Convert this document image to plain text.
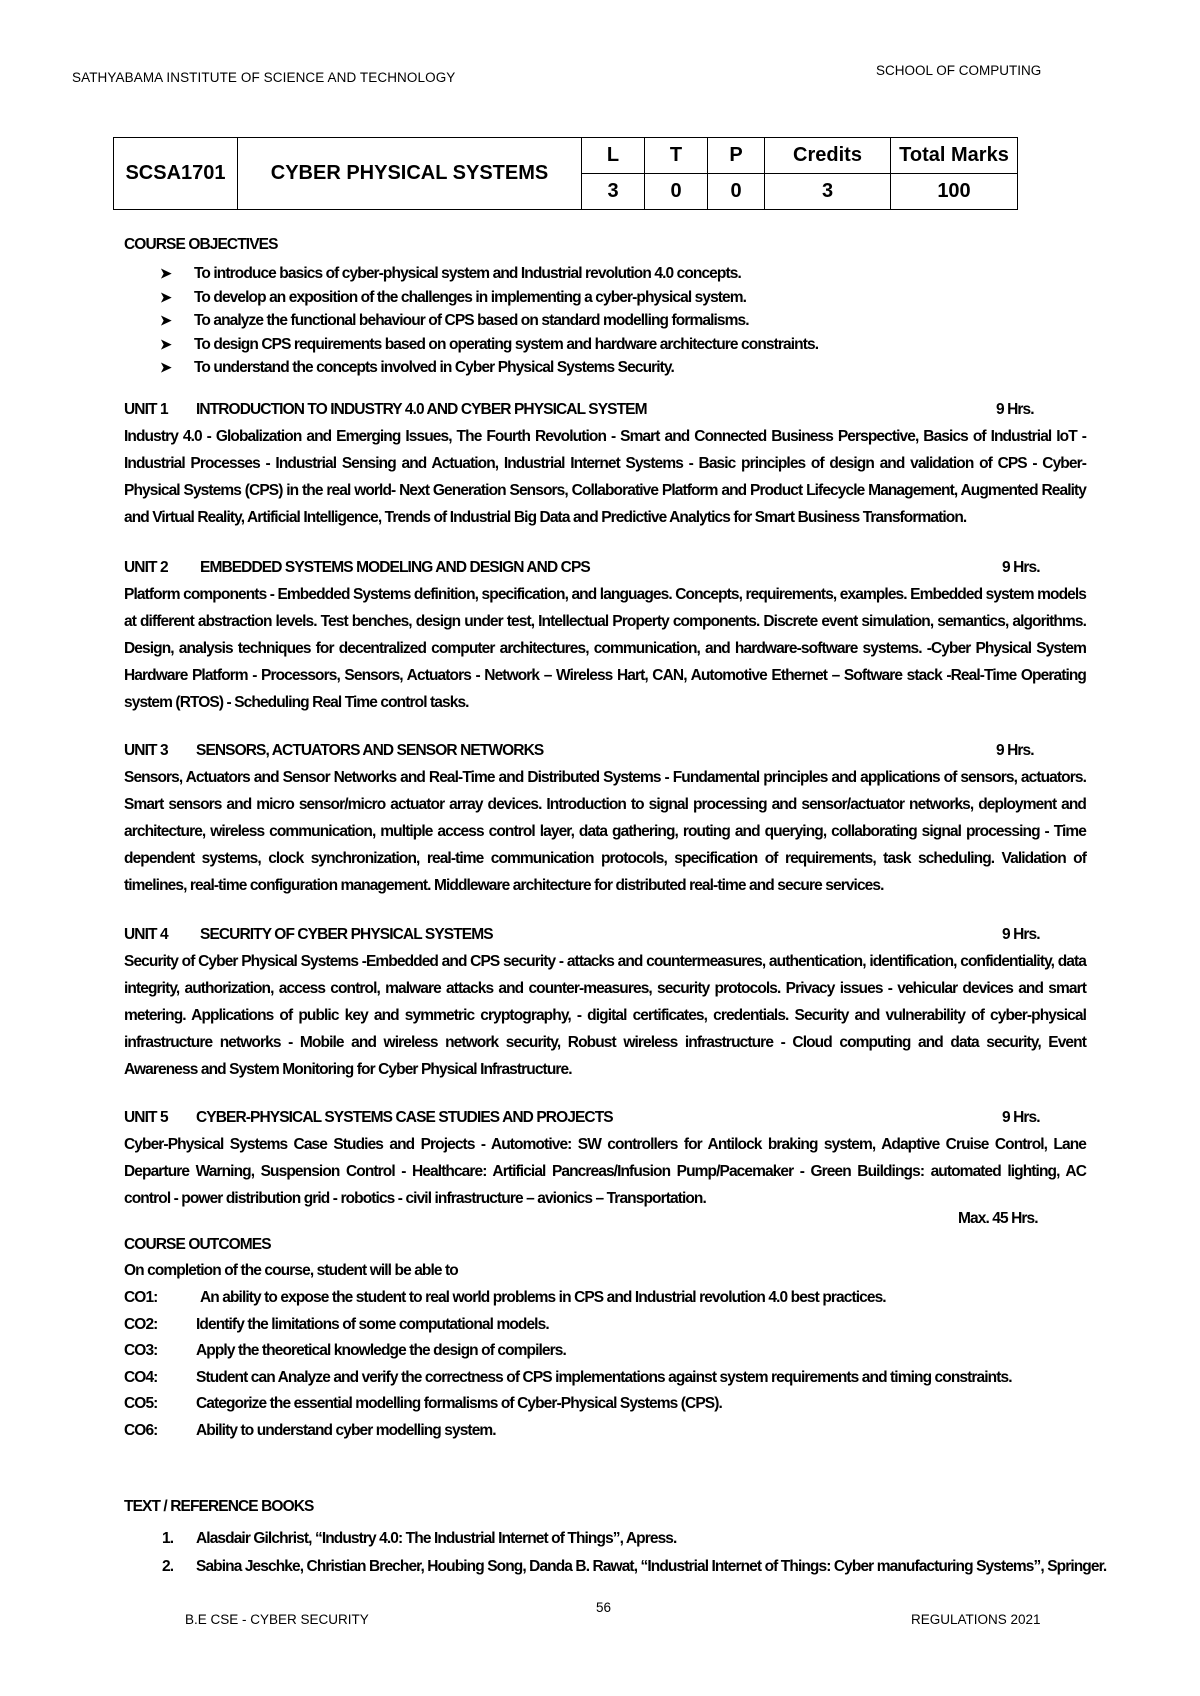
SATHYABAMA INSTITUTE OF SCIENCE AND TECHNOLOGY	SCHOOL OF COMPUTING
SCSA1701	CYBER PHYSICAL SYSTEMS	L	T	P	Credits	Total Marks
		3	0	0	3	100
COURSE OBJECTIVES
➤ To introduce basics of cyber-physical system and Industrial revolution 4.0 concepts.
➤ To develop an exposition of the challenges in implementing a cyber-physical system.
➤ To analyze the functional behaviour of CPS based on standard modelling formalisms.
➤ To design CPS requirements based on operating system and hardware architecture constraints.
➤ To understand the concepts involved in Cyber Physical Systems Security.
UNIT 1 INTRODUCTION TO INDUSTRY 4.0 AND CYBER PHYSICAL SYSTEM	9 Hrs.
Industry 4.0 - Globalization and Emerging Issues, The Fourth Revolution - Smart and Connected Business Perspective, Basics of Industrial IoT - Industrial Processes - Industrial Sensing and Actuation, Industrial Internet Systems - Basic principles of design and validation of CPS - Cyber-Physical Systems (CPS) in the real world- Next Generation Sensors, Collaborative Platform and Product Lifecycle Management, Augmented Reality and Virtual Reality, Artificial Intelligence, Trends of Industrial Big Data and Predictive Analytics for Smart Business Transformation.
UNIT 2 EMBEDDED SYSTEMS MODELING AND DESIGN AND CPS	9 Hrs.
Platform components - Embedded Systems definition, specification, and languages. Concepts, requirements, examples. Embedded system models at different abstraction levels. Test benches, design under test, Intellectual Property components. Discrete event simulation, semantics, algorithms. Design, analysis techniques for decentralized computer architectures, communication, and hardware-software systems. -Cyber Physical System Hardware Platform - Processors, Sensors, Actuators - Network – Wireless Hart, CAN, Automotive Ethernet – Software stack -Real-Time Operating system (RTOS) - Scheduling Real Time control tasks.
UNIT 3 SENSORS, ACTUATORS AND SENSOR NETWORKS	9 Hrs.
Sensors, Actuators and Sensor Networks and Real-Time and Distributed Systems - Fundamental principles and applications of sensors, actuators. Smart sensors and micro sensor/micro actuator array devices. Introduction to signal processing and sensor/actuator networks, deployment and architecture, wireless communication, multiple access control layer, data gathering, routing and querying, collaborating signal processing - Time dependent systems, clock synchronization, real-time communication protocols, specification of requirements, task scheduling. Validation of timelines, real-time configuration management. Middleware architecture for distributed real-time and secure services.
UNIT 4 SECURITY OF CYBER PHYSICAL SYSTEMS	9 Hrs.
Security of Cyber Physical Systems -Embedded and CPS security - attacks and countermeasures, authentication, identification, confidentiality, data integrity, authorization, access control, malware attacks and counter-measures, security protocols. Privacy issues - vehicular devices and smart metering. Applications of public key and symmetric cryptography, - digital certificates, credentials. Security and vulnerability of cyber-physical infrastructure networks - Mobile and wireless network security, Robust wireless infrastructure - Cloud computing and data security, Event Awareness and System Monitoring for Cyber Physical Infrastructure.
UNIT 5 CYBER-PHYSICAL SYSTEMS CASE STUDIES AND PROJECTS	9 Hrs.
Cyber-Physical Systems Case Studies and Projects - Automotive: SW controllers for Antilock braking system, Adaptive Cruise Control, Lane Departure Warning, Suspension Control - Healthcare: Artificial Pancreas/Infusion Pump/Pacemaker - Green Buildings: automated lighting, AC control - power distribution grid - robotics - civil infrastructure – avionics – Transportation.
Max. 45 Hrs.
COURSE OUTCOMES
On completion of the course, student will be able to
CO1:	An ability to expose the student to real world problems in CPS and Industrial revolution 4.0 best practices.
CO2: Identify the limitations of some computational models.
CO3: Apply the theoretical knowledge the design of compilers.
CO4: Student can Analyze and verify the correctness of CPS implementations against system requirements and timing constraints.
CO5: Categorize the essential modelling formalisms of Cyber-Physical Systems (CPS).
CO6: Ability to understand cyber modelling system.
TEXT / REFERENCE BOOKS
1. Alasdair Gilchrist, “Industry 4.0: The Industrial Internet of Things”, Apress.
2. Sabina Jeschke, Christian Brecher, Houbing Song, Danda B. Rawat, “Industrial Internet of Things: Cyber manufacturing Systems”, Springer.
B.E CSE - CYBER SECURITY
56
REGULATIONS 2021
